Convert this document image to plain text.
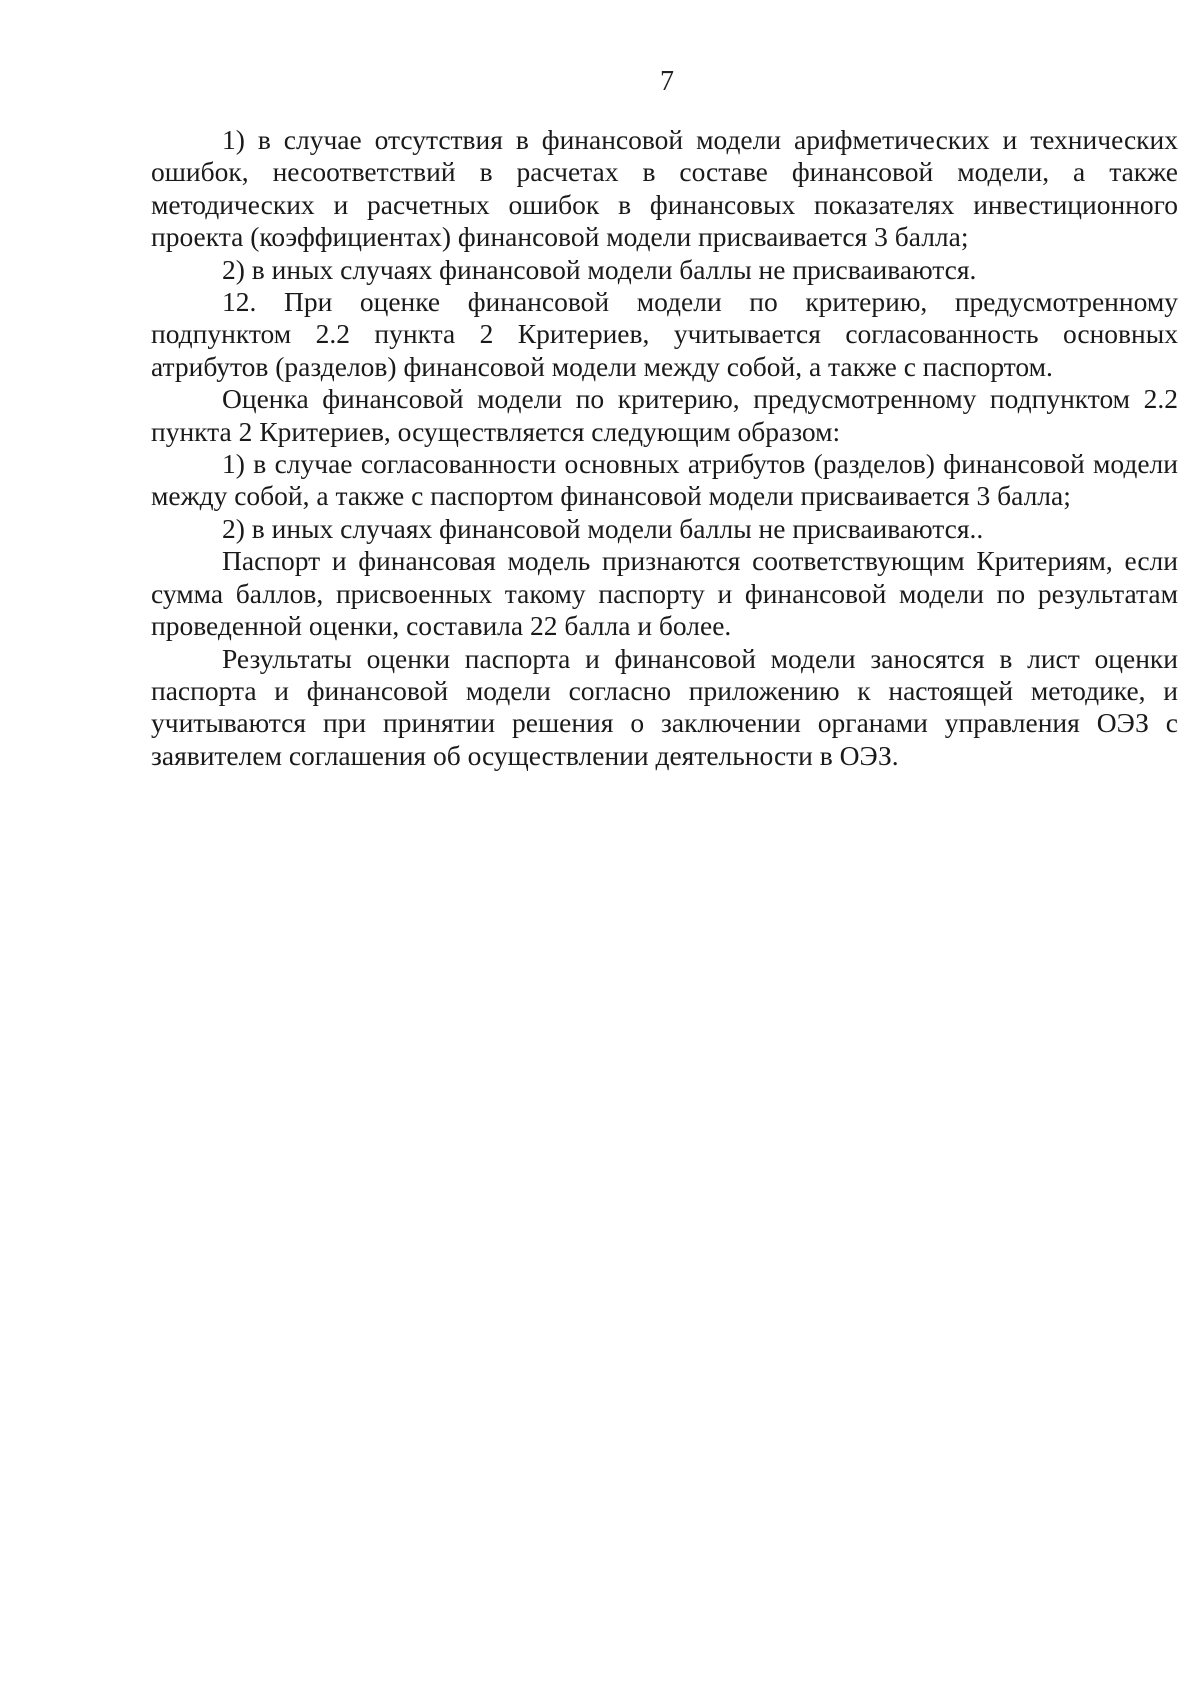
7

1) в случае отсутствия в финансовой модели арифметических и технических ошибок, несоответствий в расчетах в составе финансовой модели, а также методических и расчетных ошибок в финансовых показателях инвестиционного проекта (коэффициентах) финансовой модели присваивается 3 балла;

2) в иных случаях финансовой модели баллы не присваиваются.

12. При оценке финансовой модели по критерию, предусмотренному подпунктом 2.2 пункта 2 Критериев, учитывается согласованность основных атрибутов (разделов) финансовой модели между собой, а также с паспортом.

Оценка финансовой модели по критерию, предусмотренному подпунктом 2.2 пункта 2 Критериев, осуществляется следующим образом:

1) в случае согласованности основных атрибутов (разделов) финансовой модели между собой, а также с паспортом финансовой модели присваивается 3 балла;

2) в иных случаях финансовой модели баллы не присваиваются..

Паспорт и финансовая модель признаются соответствующим Критериям, если сумма баллов, присвоенных такому паспорту и финансовой модели по результатам проведенной оценки, составила 22 балла и более.

Результаты оценки паспорта и финансовой модели заносятся в лист оценки паспорта и финансовой модели согласно приложению к настоящей методике, и учитываются при принятии решения о заключении органами управления ОЭЗ с заявителем соглашения об осуществлении деятельности в ОЭЗ.
